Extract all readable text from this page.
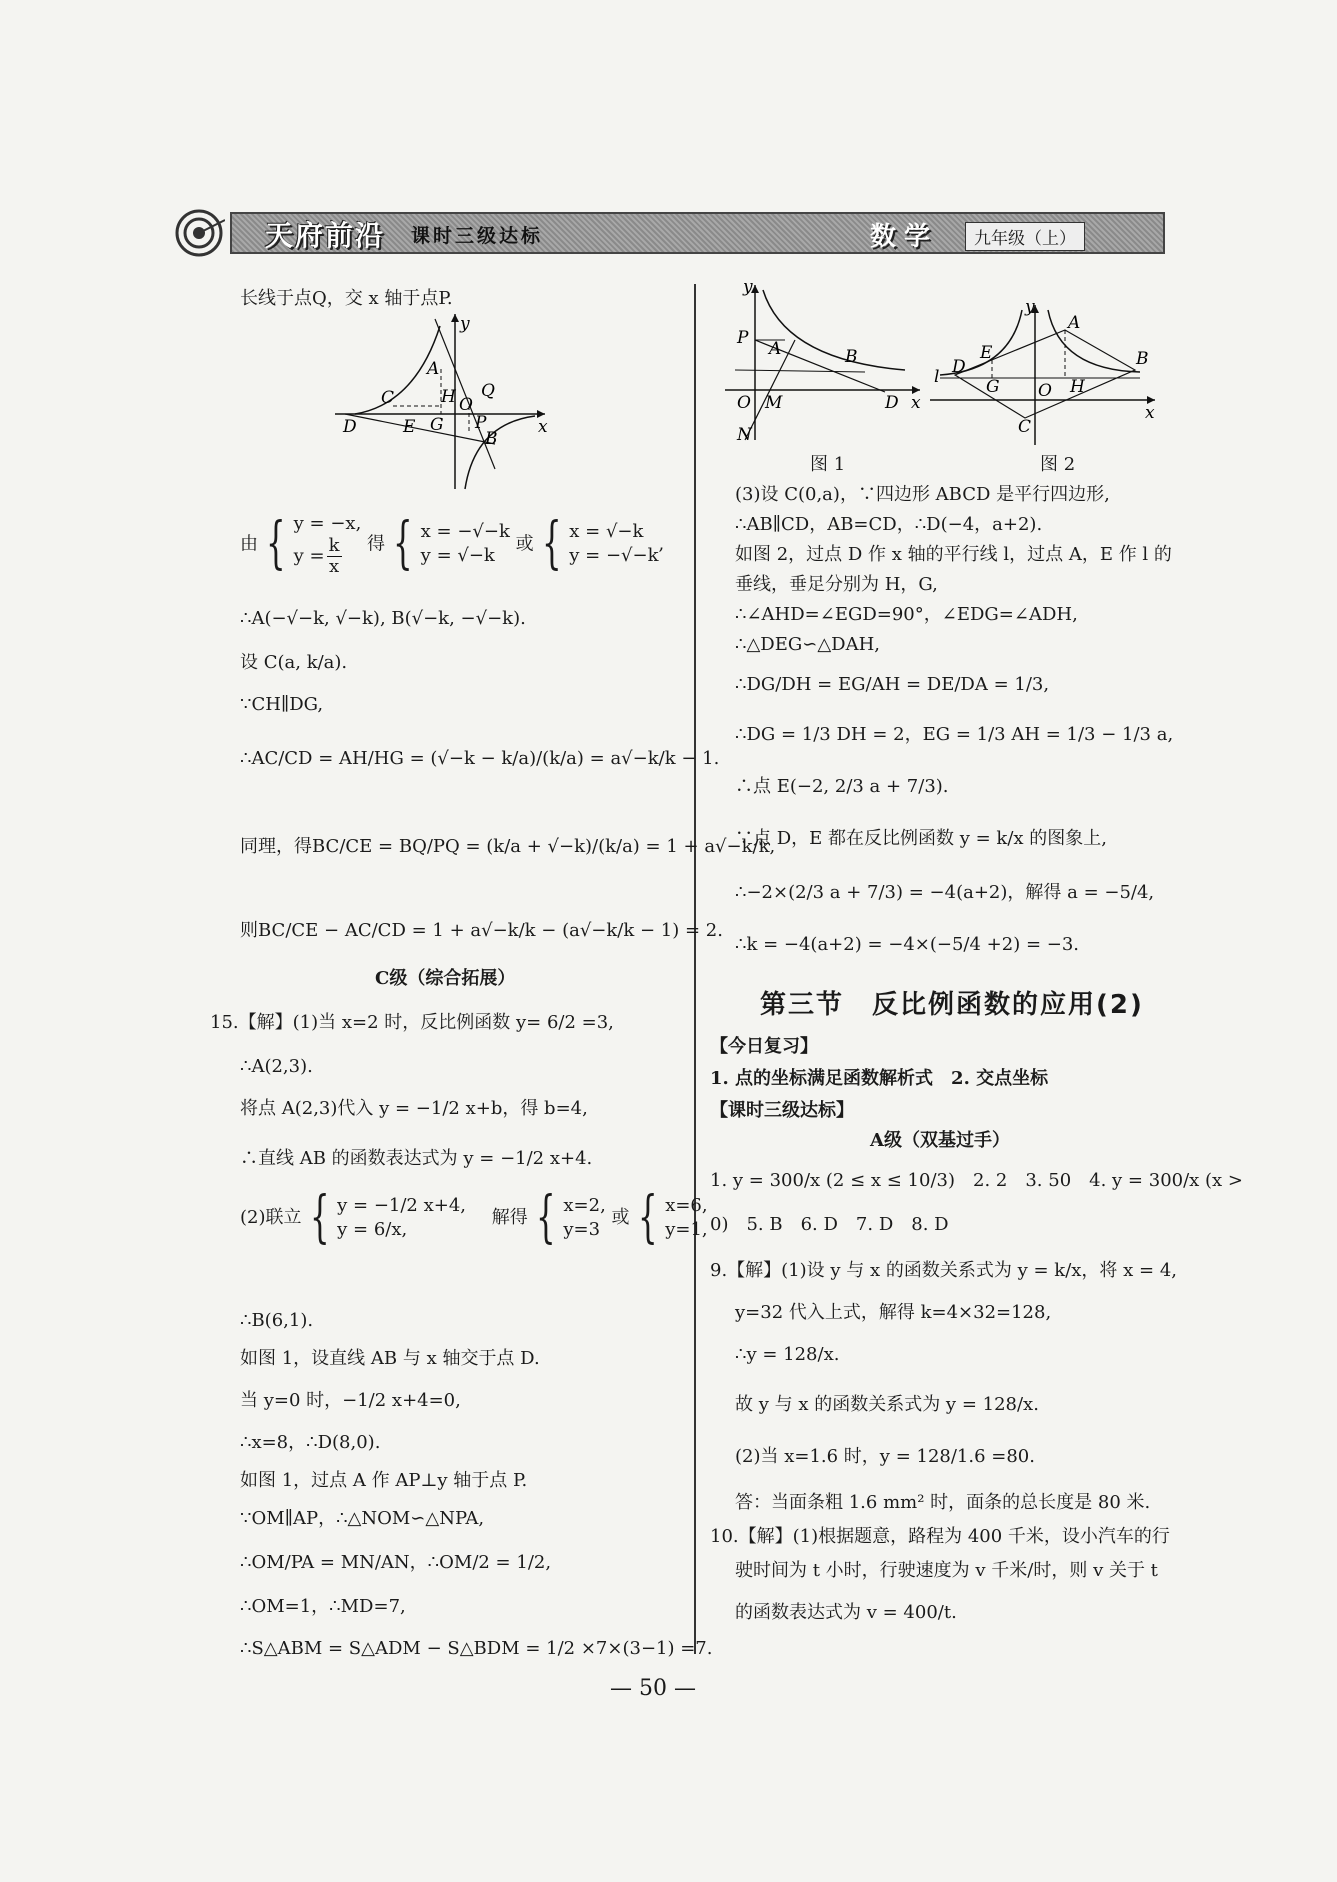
天府前沿 课时三级达标	数学	九年级（上）
长线于点Q，交 x 轴于点P.
y
x
A
C	H O
Q
D	E G P
B
由 { y = −x,
$y = \frac{k}{x}$ 得 { x = −√−k
y = √−k
或 { x = √−k
y = −√−k
,
∴A(−√−k, √−k), B(√−k, −√−k).
设 C(a, k/a).
∵CH∥DG,
∴AC/CD = AH/HG = (√−k − k/a)/(k/a) = a√−k/k − 1.
同理，得BC/CE = BQ/PQ = (k/a + √−k)/(k/a) = 1 + a√−k/k,
则BC/CE − AC/CD = 1 + a√−k/k − (a√−k/k − 1) = 2.
C级（综合拓展）
15.【解】(1)当 x=2 时，反比例函数 y= 6/2 =3,
∴A(2,3).
将点 A(2,3)代入 y = −1/2 x+b，得 b=4,
∴直线 AB 的函数表达式为 y = −1/2 x+4.
(2)联立 { y = −1/2 x+4,
y = 6/x,
解得 { x=2,
y=3
或 { x=6,
y=1,
∴B(6,1).
如图 1，设直线 AB 与 x 轴交于点 D.
当 y=0 时，−1/2 x+4=0,
∴x=8，∴D(8,0).
如图 1，过点 A 作 AP⊥y 轴于点 P.
∵OM∥AP，∴△NOM∽△NPA,
∴OM/PA = MN/AN，∴OM/2 = 1/2,
∴OM=1，∴MD=7,
∴S△ABM = S△ADM − S△BDM = 1/2 ×7×(3−1) =7.
y
P
A	B
O M	D x
N
图 1
y
A
E	B
D
l	G	H
O
C
x
图 2
(3)设 C(0,a)，∵四边形 ABCD 是平行四边形,
∴AB∥CD，AB=CD，∴D(−4，a+2).
如图 2，过点 D 作 x 轴的平行线 l，过点 A，E 作 l 的
垂线，垂足分别为 H，G,
∴∠AHD=∠EGD=90°，∠EDG=∠ADH,
∴△DEG∽△DAH,
∴DG/DH = EG/AH = DE/DA = 1/3,
∴DG = 1/3 DH = 2，EG = 1/3 AH = 1/3 − 1/3 a,
∴点 E(−2, 2/3 a + 7/3).
∵点 D，E 都在反比例函数 y = k/x 的图象上,
∴−2×(2/3 a + 7/3) = −4(a+2)，解得 a = −5/4,
∴k = −4(a+2) = −4×(−5/4 +2) = −3.
第三节　反比例函数的应用(2)
【今日复习】
1. 点的坐标满足函数解析式　2. 交点坐标
【课时三级达标】
A级（双基过手）
1. y = 300/x (2 ≤ x ≤ 10/3)　2. 2　3. 50　4. y = 300/x (x >
0)　5. B　6. D　7. D　8. D
9.【解】(1)设 y 与 x 的函数关系式为 y = k/x，将 x = 4,
y=32 代入上式，解得 k=4×32=128,
∴y = 128/x.
故 y 与 x 的函数关系式为 y = 128/x.
(2)当 x=1.6 时，y = 128/1.6 =80.
答：当面条粗 1.6 mm² 时，面条的总长度是 80 米.
10.【解】(1)根据题意，路程为 400 千米，设小汽车的行
驶时间为 t 小时，行驶速度为 v 千米/时，则 v 关于 t
的函数表达式为 v = 400/t.
— 50 —
